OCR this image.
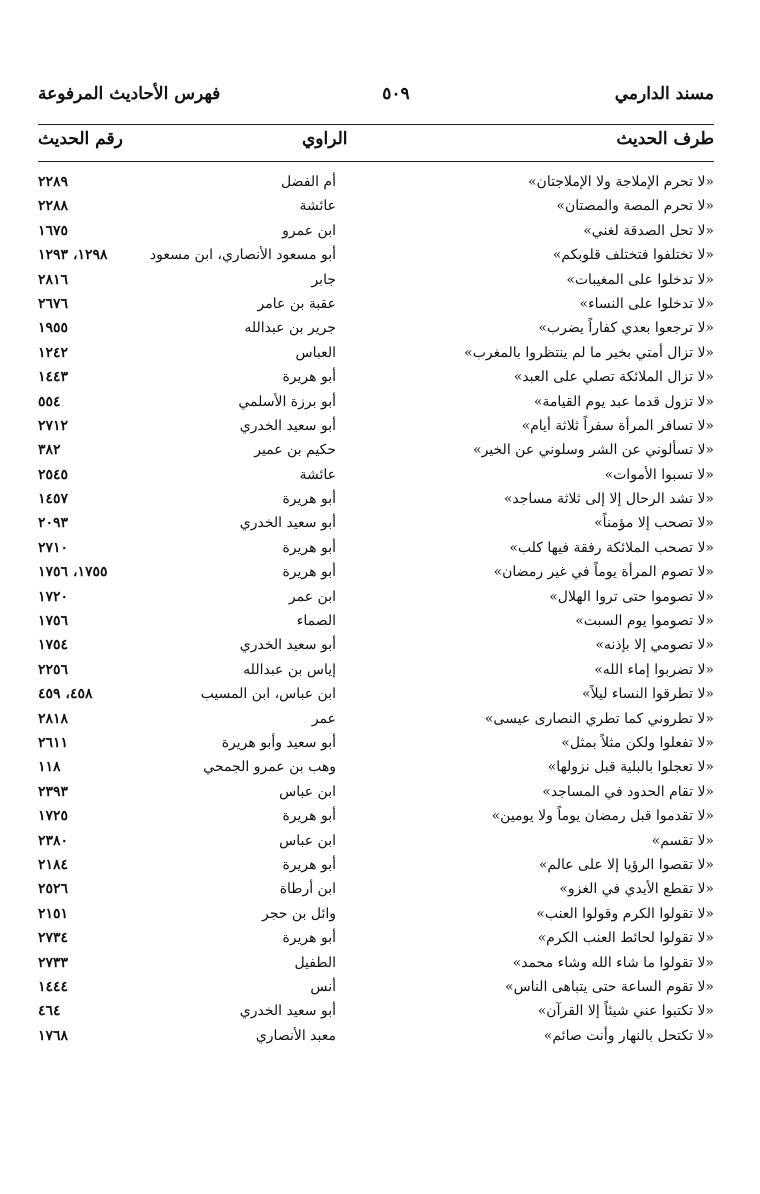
مسند الدارمي
٥٠٩
فهرس الأحاديث المرفوعة
طرف الحديث
الراوي
رقم الحديث
«لا تحرم الإملاجة ولا الإملاجتان»
أم الفضل
٢٢٨٩
«لا تحرم المصة والمصتان»
عائشة
٢٢٨٨
«لا تحل الصدقة لغني»
ابن عمرو
١٦٧٥
«لا تختلفوا فتختلف قلوبكم»
أبو مسعود الأنصاري، ابن مسعود
١٢٩٨، ١٢٩٣
«لا تدخلوا على المغيبات»
جابر
٢٨١٦
«لا تدخلوا على النساء»
عقبة بن عامر
٢٦٧٦
«لا ترجعوا بعدي كفاراً يضرب»
جرير بن عبدالله
١٩٥٥
«لا تزال أمتي بخير ما لم ينتظروا بالمغرب»
العباس
١٢٤٢
«لا تزال الملائكة تصلي على العبد»
أبو هريرة
١٤٤٣
«لا تزول قدما عبد يوم القيامة»
أبو برزة الأسلمي
٥٥٤
«لا تسافر المرأة سفراً ثلاثة أيام»
أبو سعيد الخدري
٢٧١٢
«لا تسألوني عن الشر وسلوني عن الخير»
حكيم بن عمير
٣٨٢
«لا تسبوا الأموات»
عائشة
٢٥٤٥
«لا تشد الرحال إلا إلى ثلاثة مساجد»
أبو هريرة
١٤٥٧
«لا تصحب إلا مؤمناً»
أبو سعيد الخدري
٢٠٩٣
«لا تصحب الملائكة رفقة فيها كلب»
أبو هريرة
٢٧١٠
«لا تصوم المرأة يوماً في غير رمضان»
أبو هريرة
١٧٥٥، ١٧٥٦
«لا تصوموا حتى تروا الهلال»
ابن عمر
١٧٢٠
«لا تصوموا يوم السبت»
الصماء
١٧٥٦
«لا تصومي إلا بإذنه»
أبو سعيد الخدري
١٧٥٤
«لا تضربوا إماء الله»
إياس بن عبدالله
٢٢٥٦
«لا تطرقوا النساء ليلاً»
ابن عباس، ابن المسيب
٤٥٨، ٤٥٩
«لا تطروني كما تطري النصارى عيسى»
عمر
٢٨١٨
«لا تفعلوا ولكن مثلاً بمثل»
أبو سعيد وأبو هريرة
٢٦١١
«لا تعجلوا بالبلية قبل نزولها»
وهب بن عمرو الجمحي
١١٨
«لا تقام الحدود في المساجد»
ابن عباس
٢٣٩٣
«لا تقدموا قبل رمضان يوماً ولا يومين»
أبو هريرة
١٧٢٥
«لا تقسم»
ابن عباس
٢٣٨٠
«لا تقصوا الرؤيا إلا على عالم»
أبو هريرة
٢١٨٤
«لا تقطع الأيدي في الغزو»
ابن أرطاة
٢٥٢٦
«لا تقولوا الكرم وقولوا العنب»
وائل بن حجر
٢١٥١
«لا تقولوا لحائط العنب الكرم»
أبو هريرة
٢٧٣٤
«لا تقولوا ما شاء الله وشاء محمد»
الطفيل
٢٧٣٣
«لا تقوم الساعة حتى يتباهى الناس»
أنس
١٤٤٤
«لا تكتبوا عني شيئاً إلا القرآن»
أبو سعيد الخدري
٤٦٤
«لا تكتحل بالنهار وأنت صائم»
معبد الأنصاري
١٧٦٨
